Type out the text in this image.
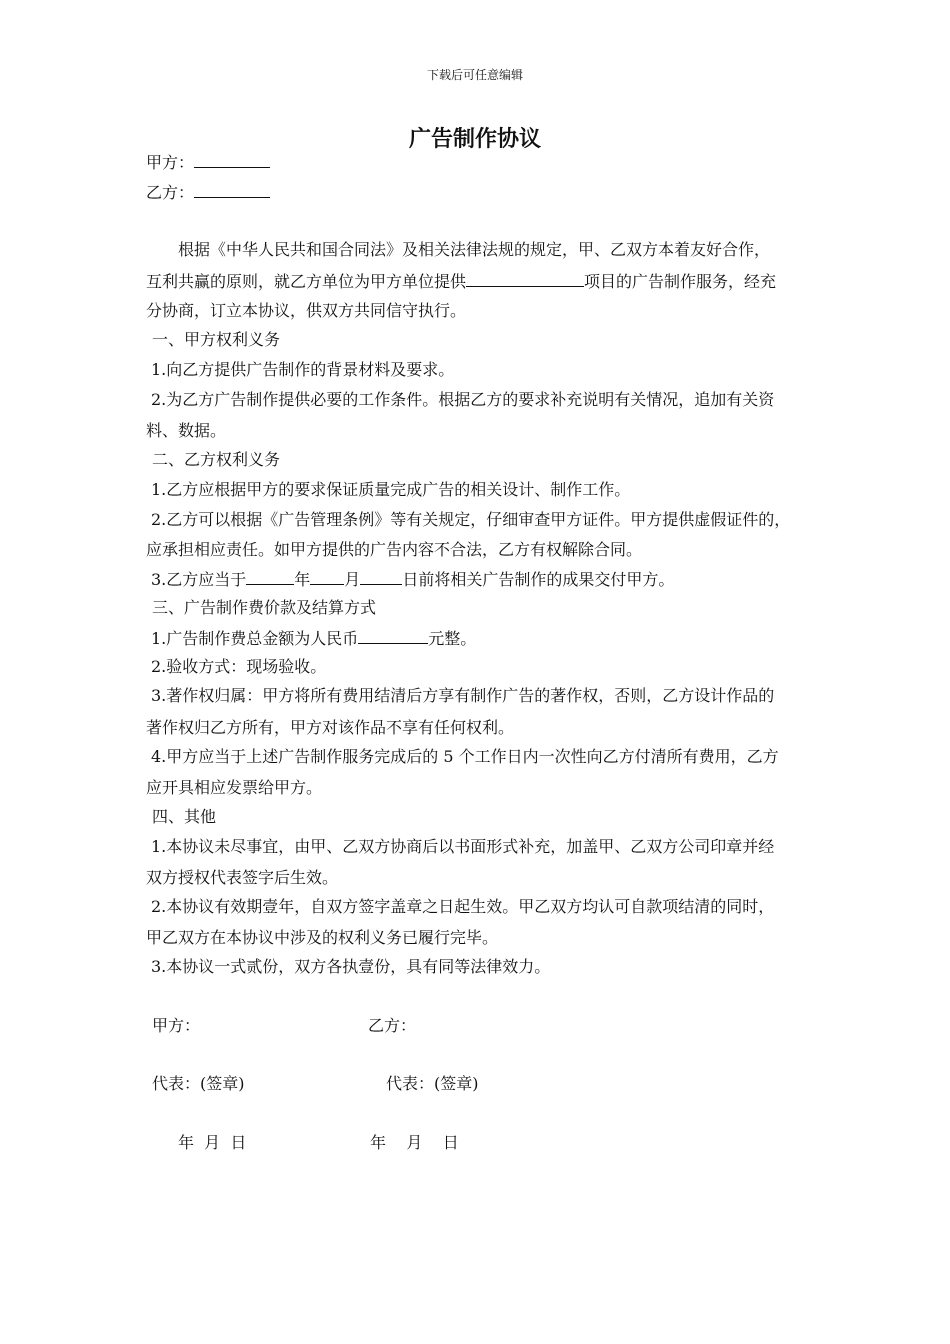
下载后可任意编辑
广告制作协议
甲方：
乙方：
根据《中华人民共和国合同法》及相关法律法规的规定，甲、乙双方本着友好合作，
互利共赢的原则，就乙方单位为甲方单位提供	项目的广告制作服务，经充
分协商，订立本协议，供双方共同信守执行。
一、甲方权利义务
1.向乙方提供广告制作的背景材料及要求。
2.为乙方广告制作提供必要的工作条件。根据乙方的要求补充说明有关情况，追加有关资
料、数据。
二、乙方权利义务
1.乙方应根据甲方的要求保证质量完成广告的相关设计、制作工作。
2.乙方可以根据《广告管理条例》等有关规定，仔细审查甲方证件。甲方提供虚假证件的，
应承担相应责任。如甲方提供的广告内容不合法，乙方有权解除合同。
3.乙方应当于	年 月	日前将相关广告制作的成果交付甲方。
三、广告制作费价款及结算方式
1.广告制作费总金额为人民币	元整。
2.验收方式：现场验收。
3.著作权归属：甲方将所有费用结清后方享有制作广告的著作权，否则，乙方设计作品的
著作权归乙方所有，甲方对该作品不享有任何权利。
4.甲方应当于上述广告制作服务完成后的 5 个工作日内一次性向乙方付清所有费用，乙方
应开具相应发票给甲方。
四、其他
1.本协议未尽事宜，由甲、乙双方协商后以书面形式补充，加盖甲、乙双方公司印章并经
双方授权代表签字后生效。
2.本协议有效期壹年，自双方签字盖章之日起生效。甲乙双方均认可自款项结清的同时，
甲乙双方在本协议中涉及的权利义务已履行完毕。
3.本协议一式贰份，双方各执壹份，具有同等法律效力。
甲方：	乙方：
代表：(签章)	代表：(签章)
年  月  日	年    月    日
